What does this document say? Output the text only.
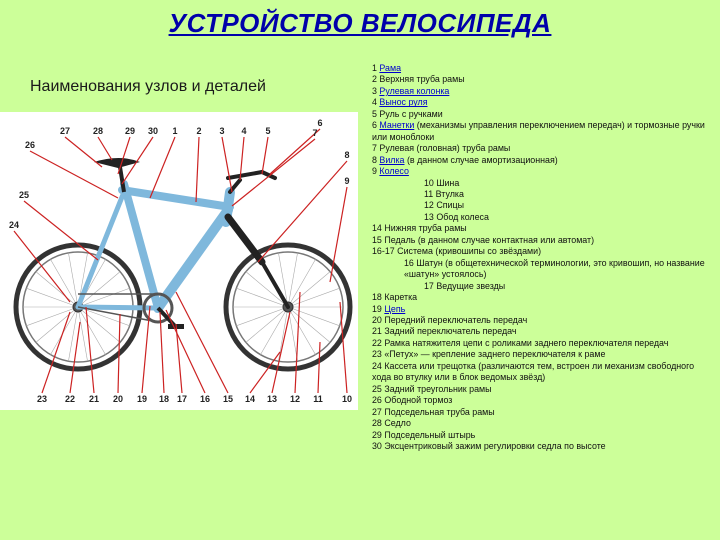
УСТРОЙСТВО ВЕЛОСИПЕДА
Наименования узлов и деталей
TREK
27	28 29 30 1 2 3 4 5
6
7
8
9
26
25
24
23 22 21 20 19 18 17 16 15 14 13 12 11 10
1 Рама
2 Верхняя труба рамы
3 Рулевая колонка
4 Вынос руля
5 Руль с ручками
6 Манетки (механизмы управления переключением передач) и тормозные ручки или моноблоки
7 Рулевая (головная) труба рамы
8 Вилка (в данном случае амортизационная)
9 Колесо
10 Шина
11 Втулка
12 Спицы
13 Обод колеса
14 Нижняя труба рамы
15 Педаль (в данном случае контактная или автомат)
16-17 Система (кривошипы со звёздами)
16 Шатун (в общетехнической терминологии, это кривошип, но название «шатун» устоялось)
17 Ведущие звезды
18 Каретка
19 Цепь
20 Передний переключатель передач
21 Задний переключатель передач
22 Рамка натяжителя цепи с роликами заднего переключателя передач
23 «Петух» — крепление заднего переключателя к раме
24 Кассета или трещотка (различаются тем, встроен ли механизм свободного хода во втулку или в блок ведомых звёзд)
25 Задний треугольник рамы
26 Ободной тормоз
27 Подседельная труба рамы
28 Седло
29 Подседельный штырь
30 Эксцентриковый зажим регулировки седла по высоте
